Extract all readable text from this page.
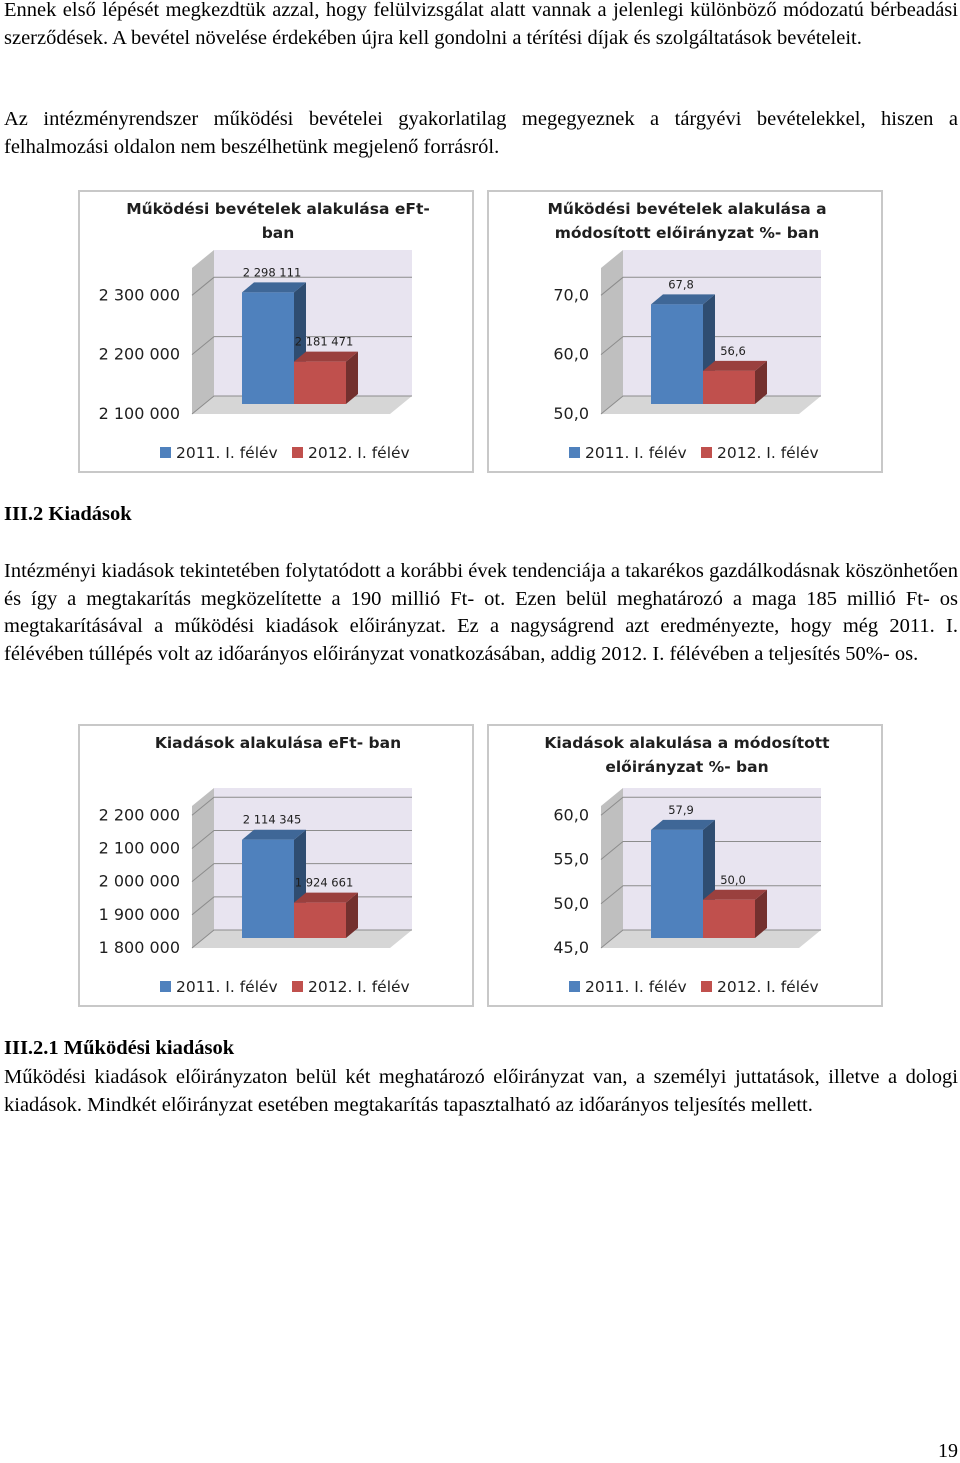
Ennek első lépését megkezdtük azzal, hogy felülvizsgálat alatt vannak a jelenlegi különböző módozatú bérbeadási szerződések. A bevétel növelése érdekében újra kell gondolni a térítési díjak és szolgáltatások bevételeit.

Az intézményrendszer működési bevételei gyakorlatilag megegyeznek a tárgyévi bevételekkel, hiszen a felhalmozási oldalon nem beszélhetünk megjelenő forrásról.

2 100 000
2 200 000
2 300 000
2 298 111
2 181 471
Működési bevételek alakulása eFt-
ban
2011. I. félév 2012. I. félév
50,0
60,0
70,0
67,8
56,6
Működési bevételek alakulása a
módosított előirányzat %- ban
2011. I. félév 2012. I. félév

III.2 Kiadások

Intézményi kiadások tekintetében folytatódott a korábbi évek tendenciája a takarékos gazdálkodásnak köszönhetően és így a megtakarítás megközelítette a 190 millió Ft- ot. Ezen belül meghatározó a maga 185 millió Ft- os megtakarításával a működési kiadások előirányzat. Ez a nagyságrend azt eredményezte, hogy még 2011. I. félévében túllépés volt az időarányos előirányzat vonatkozásában, addig 2012. I. félévében a teljesítés 50%- os.

1 800 000
1 900 000
2 000 000
2 100 000
2 200 000	2 114 345
1 924 661
Kiadások alakulása eFt- ban
2011. I. félév 2012. I. félév
45,0
50,0
55,0
60,0	57,9
50,0
Kiadások alakulása a módosított
előirányzat %- ban
2011. I. félév 2012. I. félév

III.2.1 Működési kiadások

Működési kiadások előirányzaton belül két meghatározó előirányzat van, a személyi juttatások, illetve a dologi kiadások. Mindkét előirányzat esetében megtakarítás tapasztalható az időarányos teljesítés mellett.

19
